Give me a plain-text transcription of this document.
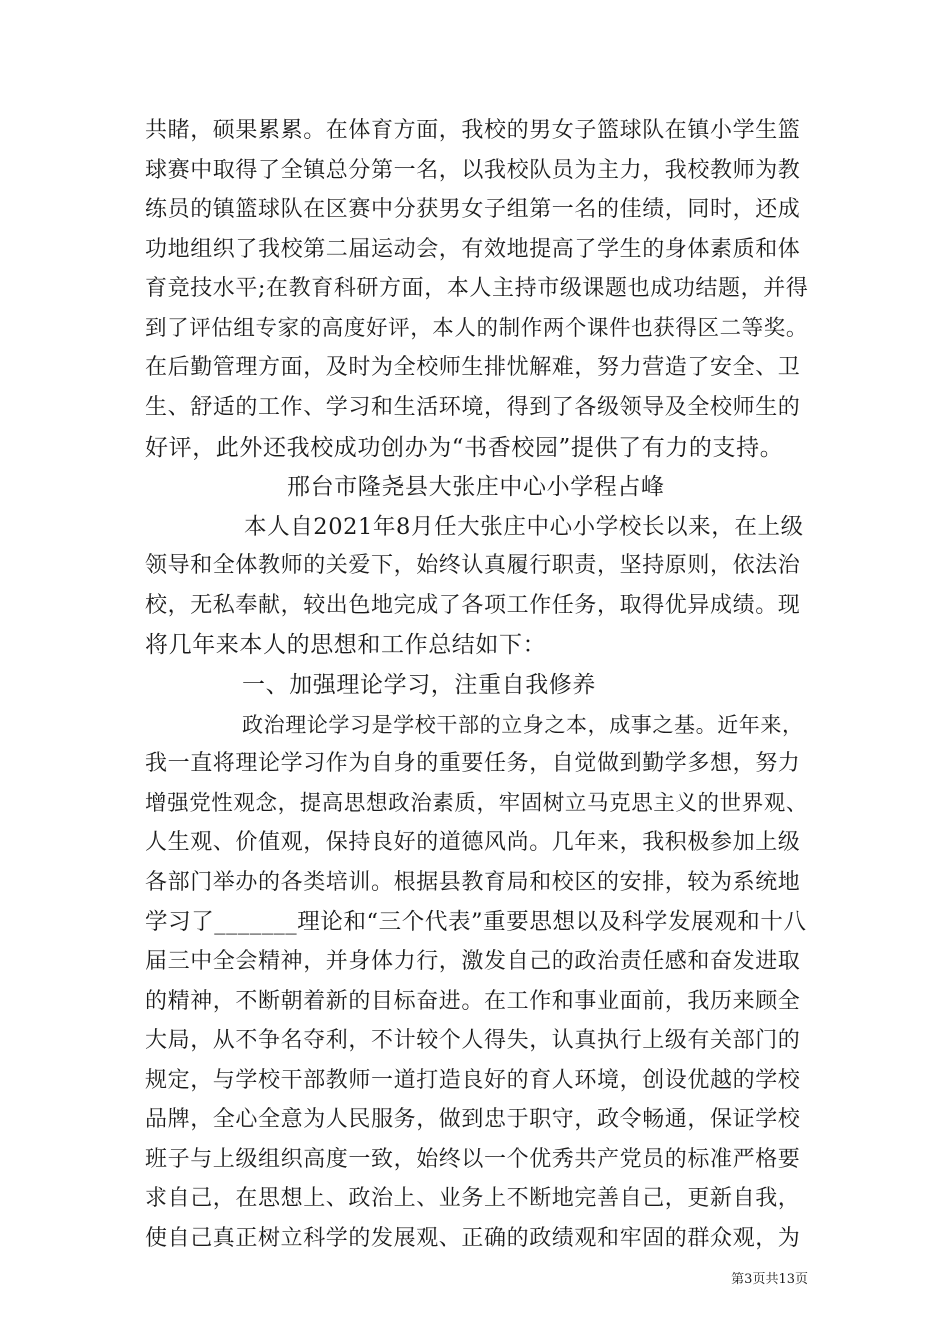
共睹，硕果累累。在体育方面，我校的男女子篮球队在镇小学生篮
球赛中取得了全镇总分第一名，以我校队员为主力，我校教师为教
练员的镇篮球队在区赛中分获男女子组第一名的佳绩，同时，还成
功地组织了我校第二届运动会，有效地提高了学生的身体素质和体
育竞技水平;在教育科研方面，本人主持市级课题也成功结题，并得
到了评估组专家的高度好评，本人的制作两个课件也获得区二等奖。
在后勤管理方面，及时为全校师生排忧解难，努力营造了安全、卫
生、舒适的工作、学习和生活环境，得到了各级领导及全校师生的
好评，此外还我校成功创办为“书香校园”提供了有力的支持。
邢台市隆尧县大张庄中心小学程占峰
本人自2021年8月任大张庄中心小学校长以来，在上级
领导和全体教师的关爱下，始终认真履行职责，坚持原则，依法治
校，无私奉献，较出色地完成了各项工作任务，取得优异成绩。现
将几年来本人的思想和工作总结如下：
一、加强理论学习，注重自我修养
政治理论学习是学校干部的立身之本，成事之基。近年来，
我一直将理论学习作为自身的重要任务，自觉做到勤学多想，努力
增强党性观念，提高思想政治素质，牢固树立马克思主义的世界观、
人生观、价值观，保持良好的道德风尚。几年来，我积极参加上级
各部门举办的各类培训。根据县教育局和校区的安排，较为系统地
学习了_______理论和“三个代表”重要思想以及科学发展观和十八
届三中全会精神，并身体力行，激发自己的政治责任感和奋发进取
的精神，不断朝着新的目标奋进。在工作和事业面前，我历来顾全
大局，从不争名夺利，不计较个人得失，认真执行上级有关部门的
规定，与学校干部教师一道打造良好的育人环境，创设优越的学校
品牌，全心全意为人民服务，做到忠于职守，政令畅通，保证学校
班子与上级组织高度一致，始终以一个优秀共产党员的标准严格要
求自己，在思想上、政治上、业务上不断地完善自己，更新自我，
使自己真正树立科学的发展观、正确的政绩观和牢固的群众观，为
第3页共13页
